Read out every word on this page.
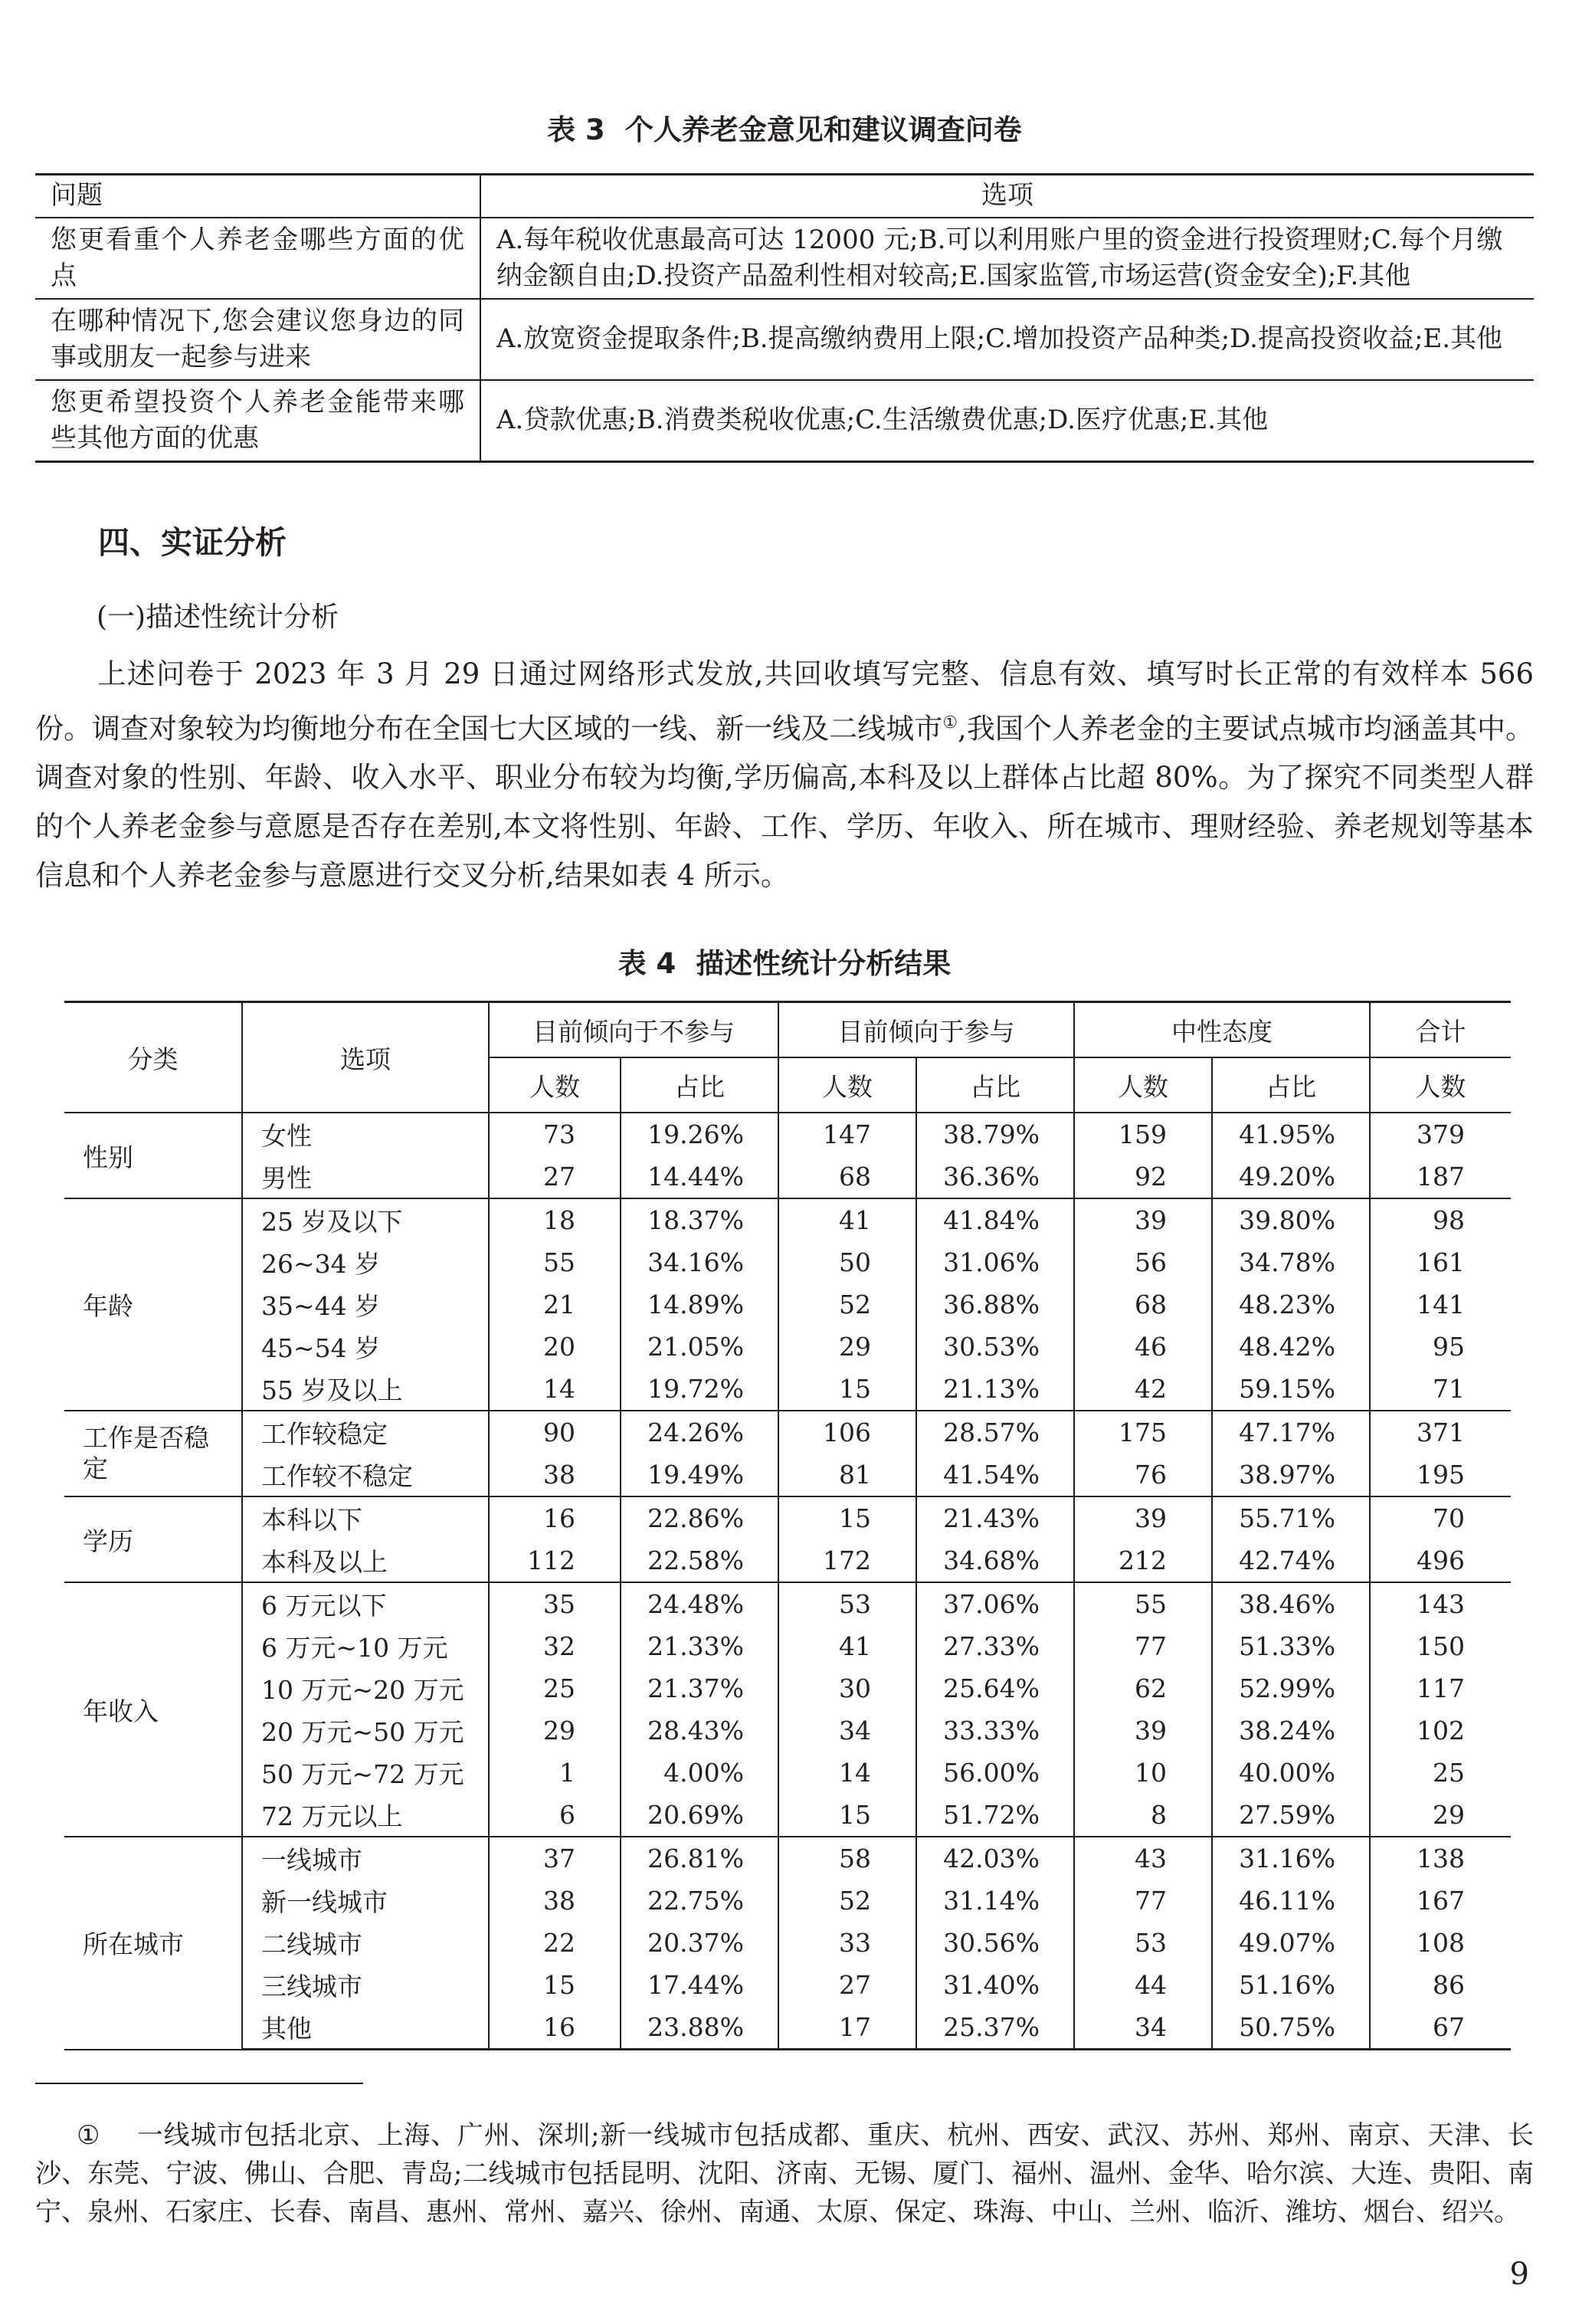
表 3 个人养老金意见和建议调查问卷
问题	选项
您更看重个人养老金哪些方面的优点	A.每年税收优惠最高可达 12000 元;B.可以利用账户里的资金进行投资理财;C.每个月缴纳金额自由;D.投资产品盈利性相对较高;E.国家监管,市场运营(资金安全);F.其他
在哪种情况下,您会建议您身边的同事或朋友一起参与进来	A.放宽资金提取条件;B.提高缴纳费用上限;C.增加投资产品种类;D.提高投资收益;E.其他
您更希望投资个人养老金能带来哪些其他方面的优惠	A.贷款优惠;B.消费类税收优惠;C.生活缴费优惠;D.医疗优惠;E.其他
四、实证分析
(一)描述性统计分析

上述问卷于 2023 年 3 月 29 日通过网络形式发放,共回收填写完整、信息有效、填写时长正常的有效样本 566 份。调查对象较为均衡地分布在全国七大区域的一线、新一线及二线城市①,我国个人养老金的主要试点城市均涵盖其中。调查对象的性别、年龄、收入水平、职业分布较为均衡,学历偏高,本科及以上群体占比超 80%。为了探究不同类型人群的个人养老金参与意愿是否存在差别,本文将性别、年龄、工作、学历、年收入、所在城市、理财经验、养老规划等基本信息和个人养老金参与意愿进行交叉分析,结果如表 4 所示。

表 4 描述性统计分析结果
分类	选项	目前倾向于不参与		目前倾向于参与		中性态度		合计
		人数	占比	人数	占比	人数	占比	人数
性别	女性	73	19.26%	147	38.79%	159	41.95%	379
	男性	27	14.44%	68	36.36%	92	49.20%	187
年龄	25 岁及以下	18	18.37%	41	41.84%	39	39.80%	98
	26~34 岁	55	34.16%	50	31.06%	56	34.78%	161
	35~44 岁	21	14.89%	52	36.88%	68	48.23%	141
	45~54 岁	20	21.05%	29	30.53%	46	48.42%	95
	55 岁及以上	14	19.72%	15	21.13%	42	59.15%	71
工作是否稳定	工作较稳定	90	24.26%	106	28.57%	175	47.17%	371
	工作较不稳定	38	19.49%	81	41.54%	76	38.97%	195
学历	本科以下	16	22.86%	15	21.43%	39	55.71%	70
	本科及以上	112	22.58%	172	34.68%	212	42.74%	496
年收入	6 万元以下	35	24.48%	53	37.06%	55	38.46%	143
	6 万元~10 万元	32	21.33%	41	27.33%	77	51.33%	150
	10 万元~20 万元	25	21.37%	30	25.64%	62	52.99%	117
	20 万元~50 万元	29	28.43%	34	33.33%	39	38.24%	102
	50 万元~72 万元	1	4.00%	14	56.00%	10	40.00%	25
	72 万元以上	6	20.69%	15	51.72%	8	27.59%	29
所在城市	一线城市	37	26.81%	58	42.03%	43	31.16%	138
	新一线城市	38	22.75%	52	31.14%	77	46.11%	167
	二线城市	22	20.37%	33	30.56%	53	49.07%	108
	三线城市	15	17.44%	27	31.40%	44	51.16%	86
	其他	16	23.88%	17	25.37%	34	50.75%	67

① 一线城市包括北京、上海、广州、深圳;新一线城市包括成都、重庆、杭州、西安、武汉、苏州、郑州、南京、天津、长沙、东莞、宁波、佛山、合肥、青岛;二线城市包括昆明、沈阳、济南、无锡、厦门、福州、温州、金华、哈尔滨、大连、贵阳、南宁、泉州、石家庄、长春、南昌、惠州、常州、嘉兴、徐州、南通、太原、保定、珠海、中山、兰州、临沂、潍坊、烟台、绍兴。

9
